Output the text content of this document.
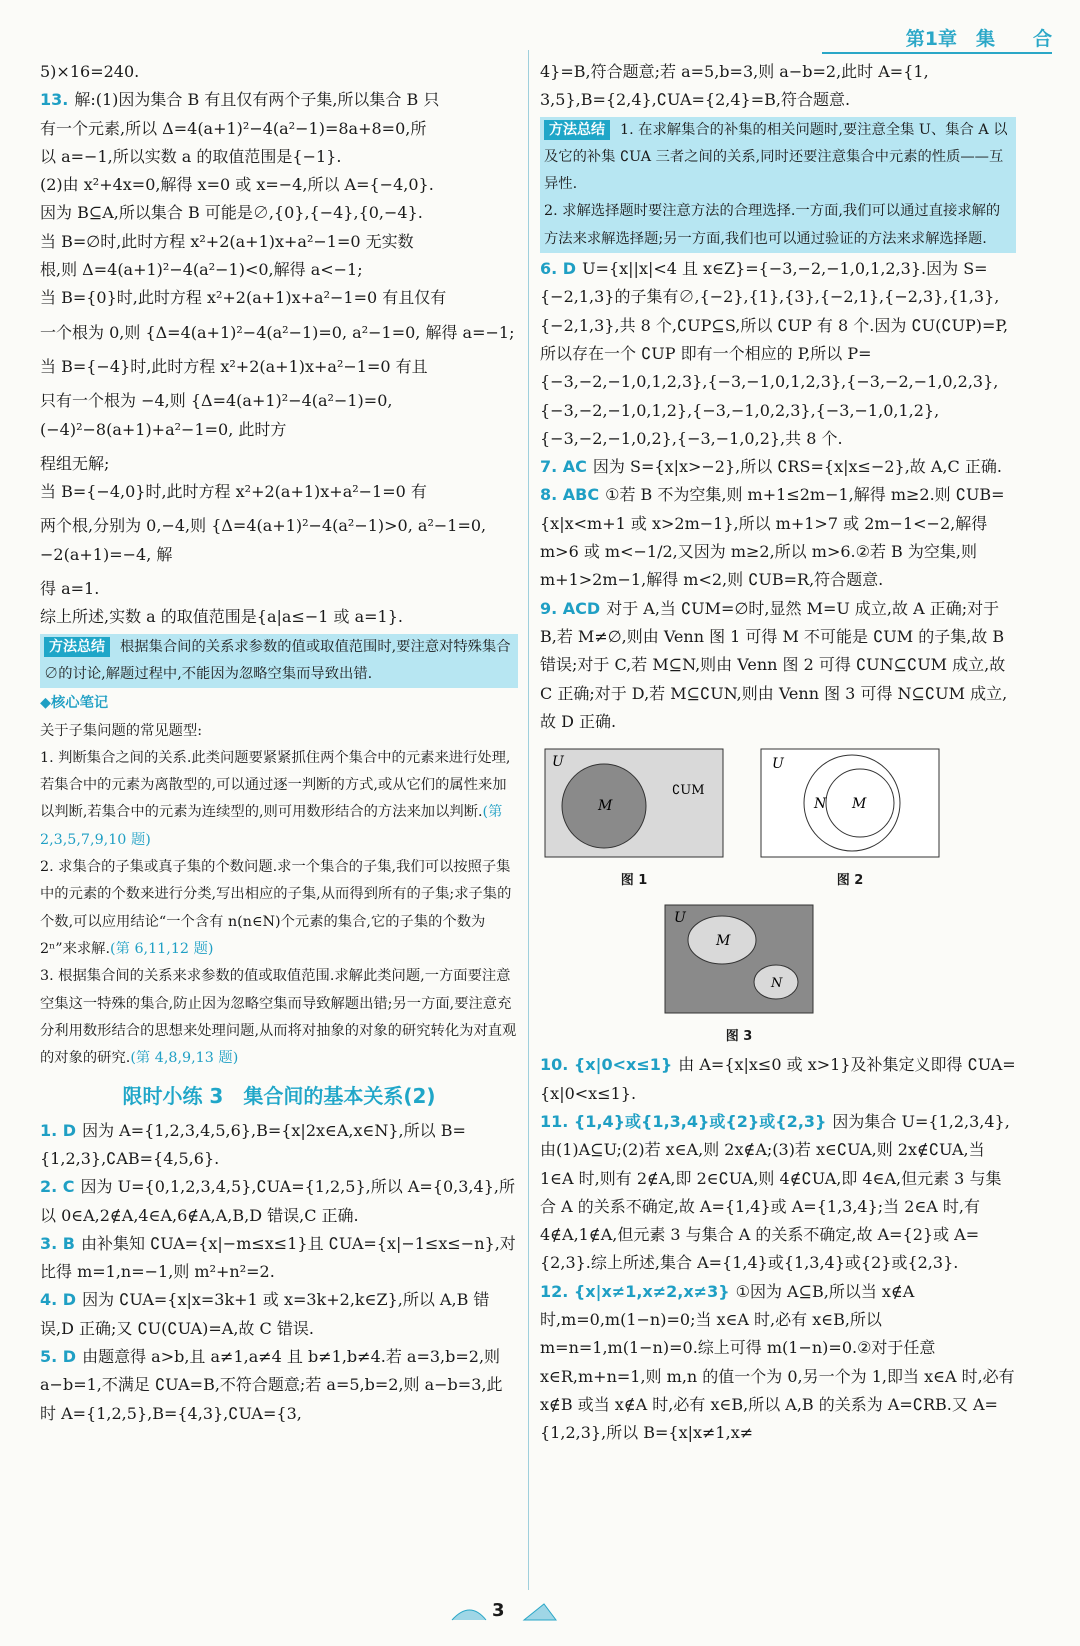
第1章　集　　合

5)×16=240.

13. 解:(1)因为集合 B 有且仅有两个子集,所以集合 B 只

有一个元素,所以 Δ=4(a+1)²−4(a²−1)=8a+8=0,所

以 a=−1,所以实数 a 的取值范围是{−1}.

(2)由 x²+4x=0,解得 x=0 或 x=−4,所以 A={−4,0}.

因为 B⊆A,所以集合 B 可能是∅,{0},{−4},{0,−4}.

当 B=∅时,此时方程 x²+2(a+1)x+a²−1=0 无实数

根,则 Δ=4(a+1)²−4(a²−1)<0,解得 a<−1;

当 B={0}时,此时方程 x²+2(a+1)x+a²−1=0 有且仅有

一个根为 0,则 {Δ=4(a+1)²−4(a²−1)=0, a²−1=0, 解得 a=−1;

当 B={−4}时,此时方程 x²+2(a+1)x+a²−1=0 有且

只有一个根为 −4,则 {Δ=4(a+1)²−4(a²−1)=0, (−4)²−8(a+1)+a²−1=0, 此时方

程组无解;

当 B={−4,0}时,此时方程 x²+2(a+1)x+a²−1=0 有

两个根,分别为 0,−4,则 {Δ=4(a+1)²−4(a²−1)>0, a²−1=0, −2(a+1)=−4, 解

得 a=1.

综上所述,实数 a 的取值范围是{a|a≤−1 或 a=1}.

方法总结 根据集合间的关系求参数的值或取值范围时,要注意对特殊集合∅的讨论,解题过程中,不能因为忽略空集而导致出错.

◆核心笔记

关于子集问题的常见题型:

1. 判断集合之间的关系.此类问题要紧紧抓住两个集合中的元素来进行处理,若集合中的元素为离散型的,可以通过逐一判断的方式,或从它们的属性来加以判断,若集合中的元素为连续型的,则可用数形结合的方法来加以判断.(第 2,3,5,7,9,10 题)

2. 求集合的子集或真子集的个数问题.求一个集合的子集,我们可以按照子集中的元素的个数来进行分类,写出相应的子集,从而得到所有的子集;求子集的个数,可以应用结论“一个含有 n(n∈N)个元素的集合,它的子集的个数为 2ⁿ”来求解.(第 6,11,12 题)

3. 根据集合间的关系来求参数的值或取值范围.求解此类问题,一方面要注意空集这一特殊的集合,防止因为忽略空集而导致解题出错;另一方面,要注意充分利用数形结合的思想来处理问题,从而将对抽象的对象的研究转化为对直观的对象的研究.(第 4,8,9,13 题)

限时小练 3　集合间的基本关系(2)

1. D 因为 A={1,2,3,4,5,6},B={x|2x∈A,x∈N},所以 B={1,2,3},∁AB={4,5,6}.

2. C 因为 U={0,1,2,3,4,5},∁UA={1,2,5},所以 A={0,3,4},所以 0∈A,2∉A,4∈A,6∉A,A,B,D 错误,C 正确.

3. B 由补集知 ∁UA={x|−m≤x≤1}且 ∁UA={x|−1≤x≤−n},对比得 m=1,n=−1,则 m²+n²=2.

4. D 因为 ∁UA={x|x=3k+1 或 x=3k+2,k∈Z},所以 A,B 错误,D 正确;又 ∁U(∁UA)=A,故 C 错误.

5. D 由题意得 a>b,且 a≠1,a≠4 且 b≠1,b≠4.若 a=3,b=2,则 a−b=1,不满足 ∁UA=B,不符合题意;若 a=5,b=2,则 a−b=3,此时 A={1,2,5},B={4,3},∁UA={3,

4}=B,符合题意;若 a=5,b=3,则 a−b=2,此时 A={1,

3,5},B={2,4},∁UA={2,4}=B,符合题意.

方法总结 1. 在求解集合的补集的相关问题时,要注意全集 U、集合 A 以及它的补集 ∁UA 三者之间的关系,同时还要注意集合中元素的性质——互异性.

2. 求解选择题时要注意方法的合理选择.一方面,我们可以通过直接求解的方法来求解选择题;另一方面,我们也可以通过验证的方法来求解选择题.

6. D U={x||x|<4 且 x∈Z}={−3,−2,−1,0,1,2,3}.因为 S={−2,1,3}的子集有∅,{−2},{1},{3},{−2,1},{−2,3},{1,3},{−2,1,3},共 8 个,∁UP⊆S,所以 ∁UP 有 8 个.因为 ∁U(∁UP)=P,所以存在一个 ∁UP 即有一个相应的 P,所以 P={−3,−2,−1,0,1,2,3},{−3,−1,0,1,2,3},{−3,−2,−1,0,2,3},{−3,−2,−1,0,1,2},{−3,−1,0,2,3},{−3,−1,0,1,2},{−3,−2,−1,0,2},{−3,−1,0,2},共 8 个.

7. AC 因为 S={x|x>−2},所以 ∁RS={x|x≤−2},故 A,C 正确.

8. ABC ①若 B 不为空集,则 m+1≤2m−1,解得 m≥2.则 ∁UB={x|x<m+1 或 x>2m−1},所以 m+1>7 或 2m−1<−2,解得 m>6 或 m<−1/2,又因为 m≥2,所以 m>6.②若 B 为空集,则 m+1>2m−1,解得 m<2,则 ∁UB=R,符合题意.

9. ACD 对于 A,当 ∁UM=∅时,显然 M=U 成立,故 A 正确;对于 B,若 M≠∅,则由 Venn 图 1 可得 M 不可能是 ∁UM 的子集,故 B 错误;对于 C,若 M⊆N,则由 Venn 图 2 可得 ∁UN⊆∁UM 成立,故 C 正确;对于 D,若 M⊆∁UN,则由 Venn 图 3 可得 N⊆∁UM 成立,故 D 正确.

U
M
∁UM
图 1
U
N M
图 2
U
M
N
图 3

10. {x|0<x≤1} 由 A={x|x≤0 或 x>1}及补集定义即得 ∁UA={x|0<x≤1}.

11. {1,4}或{1,3,4}或{2}或{2,3} 因为集合 U={1,2,3,4},由(1)A⊆U;(2)若 x∈A,则 2x∉A;(3)若 x∈∁UA,则 2x∉∁UA,当 1∈A 时,则有 2∉A,即 2∈∁UA,则 4∉∁UA,即 4∈A,但元素 3 与集合 A 的关系不确定,故 A={1,4}或 A={1,3,4};当 2∈A 时,有 4∉A,1∉A,但元素 3 与集合 A 的关系不确定,故 A={2}或 A={2,3}.综上所述,集合 A={1,4}或{1,3,4}或{2}或{2,3}.

12. {x|x≠1,x≠2,x≠3} ①因为 A⊆B,所以当 x∉A 时,m=0,m(1−n)=0;当 x∈A 时,必有 x∈B,所以 m=n=1,m(1−n)=0.综上可得 m(1−n)=0.②对于任意 x∈R,m+n=1,则 m,n 的值一个为 0,另一个为 1,即当 x∈A 时,必有 x∉B 或当 x∉A 时,必有 x∈B,所以 A,B 的关系为 A=∁RB.又 A={1,2,3},所以 B={x|x≠1,x≠

3
